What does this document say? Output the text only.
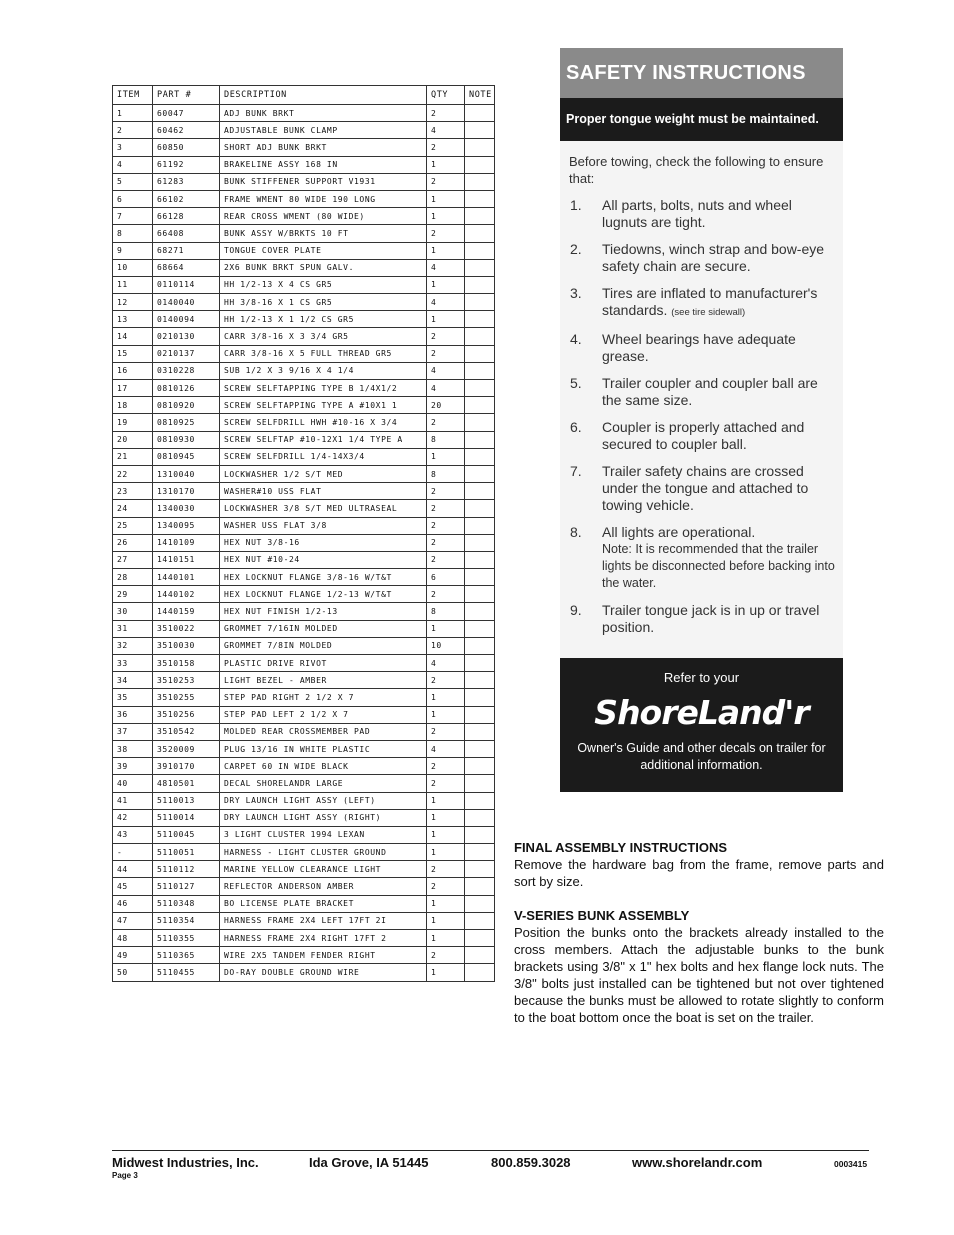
ITEM	PART #	DESCRIPTION	QTY	NOTE
1	60047	ADJ BUNK BRKT	2	
2	60462	ADJUSTABLE BUNK CLAMP	4	
3	60850	SHORT ADJ BUNK BRKT	2	
4	61192	BRAKELINE ASSY 168 IN	1	
5	61283	BUNK STIFFENER SUPPORT V1931	2	
6	66102	FRAME WMENT 80 WIDE 190 LONG	1	
7	66128	REAR CROSS WMENT (80 WIDE)	1	
8	66408	BUNK ASSY W/BRKTS 10 FT	2	
9	68271	TONGUE COVER PLATE	1	
10	68664	2X6 BUNK BRKT SPUN GALV.	4	
11	0110114	HH 1/2-13 X 4 CS GR5	1	
12	0140040	HH 3/8-16 X 1 CS GR5	4	
13	0140094	HH 1/2-13 X 1 1/2 CS GR5	1	
14	0210130	CARR 3/8-16 X 3 3/4 GR5	2	
15	0210137	CARR 3/8-16 X 5 FULL THREAD GR5	2	
16	0310228	SUB 1/2 X 3 9/16 X 4 1/4	4	
17	0810126	SCREW SELFTAPPING TYPE B 1/4X1/2	4	
18	0810920	SCREW SELFTAPPING TYPE A #10X1 1	20	
19	0810925	SCREW SELFDRILL HWH #10-16 X 3/4	2	
20	0810930	SCREW SELFTAP #10-12X1 1/4 TYPE A	8	
21	0810945	SCREW SELFDRILL 1/4-14X3/4	1	
22	1310040	LOCKWASHER 1/2 S/T MED	8	
23	1310170	WASHER#10 USS FLAT	2	
24	1340030	LOCKWASHER 3/8 S/T MED ULTRASEAL	2	
25	1340095	WASHER USS FLAT 3/8	2	
26	1410109	HEX NUT 3/8-16	2	
27	1410151	HEX NUT #10-24	2	
28	1440101	HEX LOCKNUT FLANGE 3/8-16 W/T&T	6	
29	1440102	HEX LOCKNUT FLANGE 1/2-13 W/T&T	2	
30	1440159	HEX NUT FINISH 1/2-13	8	
31	3510022	GROMMET 7/16IN MOLDED	1	
32	3510030	GROMMET 7/8IN MOLDED	10	
33	3510158	PLASTIC DRIVE RIVOT	4	
34	3510253	LIGHT BEZEL - AMBER	2	
35	3510255	STEP PAD RIGHT 2 1/2 X 7	1	
36	3510256	STEP PAD LEFT 2 1/2 X 7	1	
37	3510542	MOLDED REAR CROSSMEMBER PAD	2	
38	3520009	PLUG 13/16 IN WHITE PLASTIC	4	
39	3910170	CARPET 60 IN WIDE BLACK	2	
40	4810501	DECAL SHORELANDR LARGE	2	
41	5110013	DRY LAUNCH LIGHT ASSY (LEFT)	1	
42	5110014	DRY LAUNCH LIGHT ASSY (RIGHT)	1	
43	5110045	3 LIGHT CLUSTER 1994 LEXAN	1	
-	5110051	HARNESS - LIGHT CLUSTER GROUND	1	
44	5110112	MARINE YELLOW CLEARANCE LIGHT	2	
45	5110127	REFLECTOR ANDERSON AMBER	2	
46	5110348	BO LICENSE PLATE BRACKET	1	
47	5110354	HARNESS FRAME 2X4 LEFT 17FT 2I	1	
48	5110355	HARNESS FRAME 2X4 RIGHT 17FT 2	1	
49	5110365	WIRE 2X5 TANDEM FENDER RIGHT	2	
50	5110455	DO-RAY DOUBLE GROUND WIRE	1	
SAFETY INSTRUCTIONS
Proper tongue weight must be maintained.
Before towing, check the following to ensure that:
1. All parts, bolts, nuts and wheel lugnuts are tight.
2. Tiedowns, winch strap and bow-eye safety chain are secure.
3. Tires are inflated to manufacturer's standards. (see tire sidewall)
4. Wheel bearings have adequate grease.
5. Trailer coupler and coupler ball are the same size.
6. Coupler is properly attached and secured to coupler ball.
7. Trailer safety chains are crossed under the tongue and attached to towing vehicle.
8. All lights are operational.
Note: It is recommended that the trailer lights be disconnected before backing into the water.
9. Trailer tongue jack is in up or travel position.
Refer to your
ShoreLand'r
Owner's Guide and other decals on trailer for additional information.
FINAL ASSEMBLY INSTRUCTIONS

Remove the hardware bag from the frame, remove parts and sort by size.

V-SERIES BUNK ASSEMBLY

Position the bunks onto the brackets already installed to the cross members. Attach the adjustable bunks to the bunk brackets using 3/8" x 1" hex bolts and hex flange lock nuts. The 3/8" bolts just installed can be tightened but not over tightened because the bunks must be allowed to rotate slightly to conform to the boat bottom once the boat is set on the trailer.

Midwest Industries, Inc.	Ida Grove, IA 51445	800.859.3028	www.shorelandr.com	0003415
Page 3
